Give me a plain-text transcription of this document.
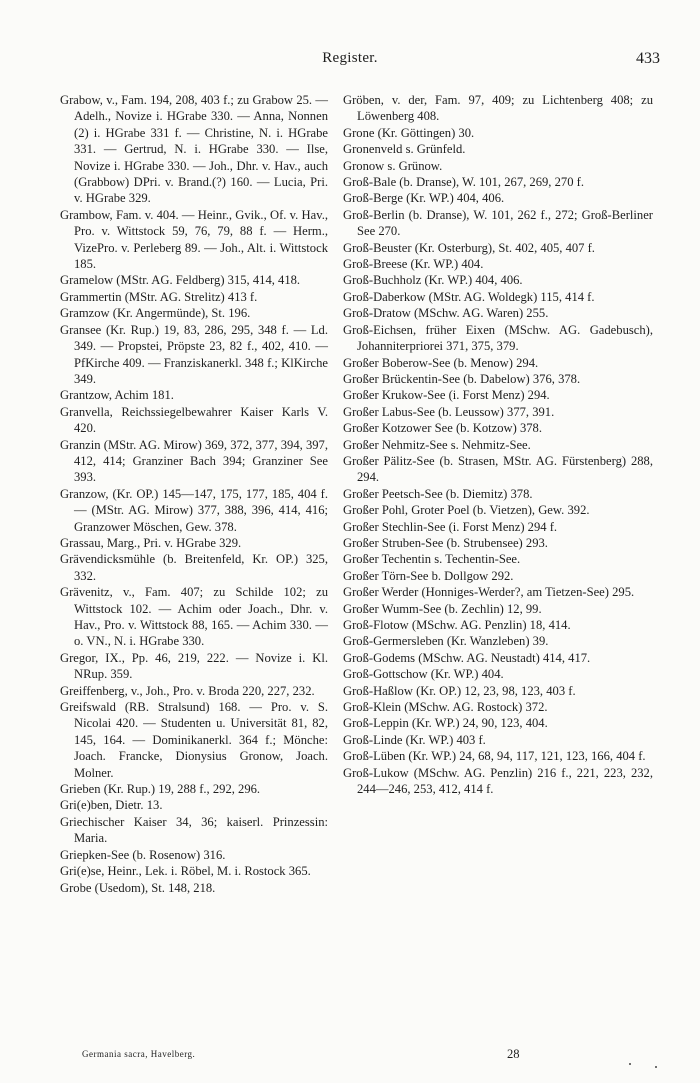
Register.	433

Grabow, v., Fam. 194, 208, 403 f.; zu Grabow 25. — Adelh., Novize i. HGrabe 330. — Anna, Nonnen (2) i. HGrabe 331 f. — Christine, N. i. HGrabe 331. — Gertrud, N. i. HGrabe 330. — Ilse, Novize i. HGrabe 330. — Joh., Dhr. v. Hav., auch (Grabbow) DPri. v. Brand.(?) 160. — Lucia, Pri. v. HGrabe 329.

Grambow, Fam. v. 404. — Heinr., Gvik., Of. v. Hav., Pro. v. Wittstock 59, 76, 79, 88 f. — Herm., VizePro. v. Perleberg 89. — Joh., Alt. i. Wittstock 185.

Gramelow (MStr. AG. Feldberg) 315, 414, 418.

Grammertin (MStr. AG. Strelitz) 413 f.

Gramzow (Kr. Angermünde), St. 196.

Gransee (Kr. Rup.) 19, 83, 286, 295, 348 f. — Ld. 349. — Propstei, Pröpste 23, 82 f., 402, 410. — PfKirche 409. — Franziskanerkl. 348 f.; KlKirche 349.

Grantzow, Achim 181.

Granvella, Reichssiegelbewahrer Kaiser Karls V. 420.

Granzin (MStr. AG. Mirow) 369, 372, 377, 394, 397, 412, 414; Granziner Bach 394; Granziner See 393.

Granzow, (Kr. OP.) 145—147, 175, 177, 185, 404 f. — (MStr. AG. Mirow) 377, 388, 396, 414, 416; Granzower Möschen, Gew. 378.

Grassau, Marg., Pri. v. HGrabe 329.

Grävendicksmühle (b. Breitenfeld, Kr. OP.) 325, 332.

Grävenitz, v., Fam. 407; zu Schilde 102; zu Wittstock 102. — Achim oder Joach., Dhr. v. Hav., Pro. v. Wittstock 88, 165. — Achim 330. — o. VN., N. i. HGrabe 330.

Gregor, IX., Pp. 46, 219, 222. — Novize i. Kl. NRup. 359.

Greiffenberg, v., Joh., Pro. v. Broda 220, 227, 232.

Greifswald (RB. Stralsund) 168. — Pro. v. S. Nicolai 420. — Studenten u. Universität 81, 82, 145, 164. — Dominikanerkl. 364 f.; Mönche: Joach. Francke, Dionysius Gronow, Joach. Molner.

Grieben (Kr. Rup.) 19, 288 f., 292, 296.

Gri(e)ben, Dietr. 13.

Griechischer Kaiser 34, 36; kaiserl. Prinzessin: Maria.

Griepken-See (b. Rosenow) 316.

Gri(e)se, Heinr., Lek. i. Röbel, M. i. Rostock 365.

Grobe (Usedom), St. 148, 218.

Gröben, v. der, Fam. 97, 409; zu Lichtenberg 408; zu Löwenberg 408.

Grone (Kr. Göttingen) 30.

Gronenveld s. Grünfeld.

Gronow s. Grünow.

Groß-Bale (b. Dranse), W. 101, 267, 269, 270 f.

Groß-Berge (Kr. WP.) 404, 406.

Groß-Berlin (b. Dranse), W. 101, 262 f., 272; Groß-Berliner See 270.

Groß-Beuster (Kr. Osterburg), St. 402, 405, 407 f.

Groß-Breese (Kr. WP.) 404.

Groß-Buchholz (Kr. WP.) 404, 406.

Groß-Daberkow (MStr. AG. Woldegk) 115, 414 f.

Groß-Dratow (MSchw. AG. Waren) 255.

Groß-Eichsen, früher Eixen (MSchw. AG. Gadebusch), Johanniterpriorei 371, 375, 379.

Großer Boberow-See (b. Menow) 294.

Großer Brückentin-See (b. Dabelow) 376, 378.

Großer Krukow-See (i. Forst Menz) 294.

Großer Labus-See (b. Leussow) 377, 391.

Großer Kotzower See (b. Kotzow) 378.

Großer Nehmitz-See s. Nehmitz-See.

Großer Pälitz-See (b. Strasen, MStr. AG. Fürstenberg) 288, 294.

Großer Peetsch-See (b. Diemitz) 378.

Großer Pohl, Groter Poel (b. Vietzen), Gew. 392.

Großer Stechlin-See (i. Forst Menz) 294 f.

Großer Struben-See (b. Strubensee) 293.

Großer Techentin s. Techentin-See.

Großer Törn-See b. Dollgow 292.

Großer Werder (Honniges-Werder?, am Tietzen-See) 295.

Großer Wumm-See (b. Zechlin) 12, 99.

Groß-Flotow (MSchw. AG. Penzlin) 18, 414.

Groß-Germersleben (Kr. Wanzleben) 39.

Groß-Godems (MSchw. AG. Neustadt) 414, 417.

Groß-Gottschow (Kr. WP.) 404.

Groß-Haßlow (Kr. OP.) 12, 23, 98, 123, 403 f.

Groß-Klein (MSchw. AG. Rostock) 372.

Groß-Leppin (Kr. WP.) 24, 90, 123, 404.

Groß-Linde (Kr. WP.) 403 f.

Groß-Lüben (Kr. WP.) 24, 68, 94, 117, 121, 123, 166, 404 f.

Groß-Lukow (MSchw. AG. Penzlin) 216 f., 221, 223, 232, 244—246, 253, 412, 414 f.

Germania sacra, Havelberg.	28
